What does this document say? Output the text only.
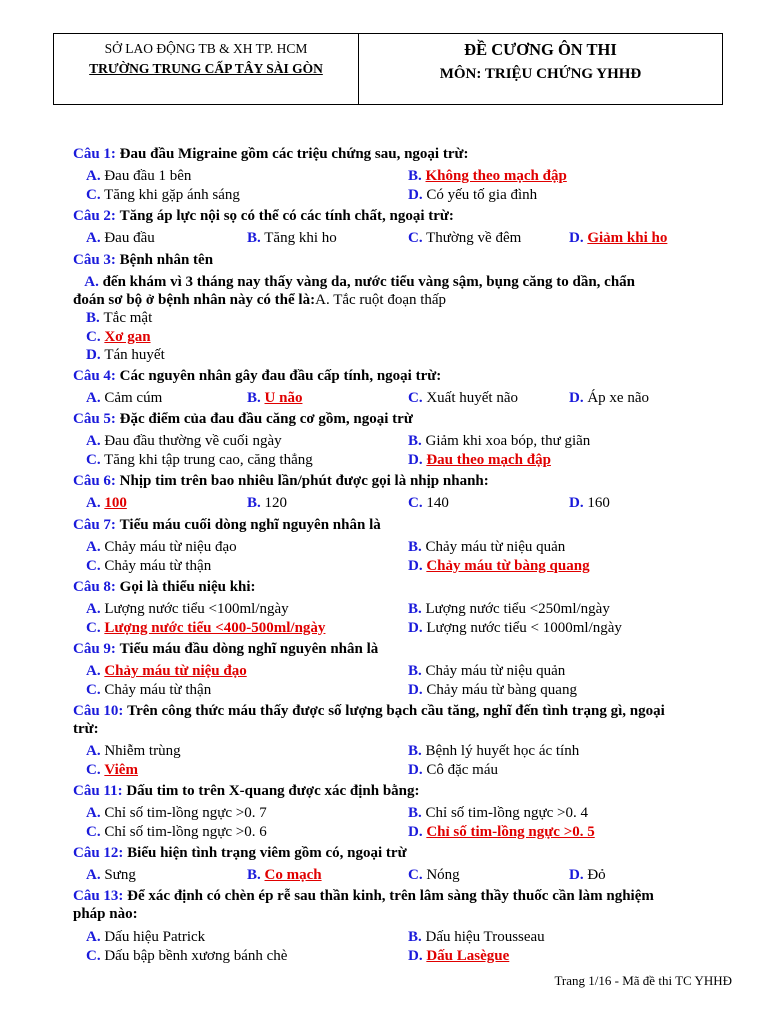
SỞ LAO ĐỘNG TB & XH TP. HCM
TRƯỜNG TRUNG CẤP TÂY SÀI GÒN
ĐỀ CƯƠNG ÔN THI
MÔN: TRIỆU CHỨNG YHHĐ
Câu 1: Đau đầu Migraine gồm các triệu chứng sau, ngoại trừ:
A. Đau đầu 1 bên	B. Không theo mạch đập
C. Tăng khi gặp ánh sáng	D. Có yếu tố gia đình
Câu 2: Tăng áp lực nội sọ có thể có các tính chất, ngoại trừ:
A. Đau đầu	B. Tăng khi ho	C. Thường về đêm	D. Giảm khi ho
Câu 3: Bệnh nhân tên
A. đến khám vì 3 tháng nay thấy vàng da, nước tiểu vàng sậm, bụng căng to dần, chẩn
đoán sơ bộ ở bệnh nhân này có thể là:A. Tắc ruột đoạn thấp
B.
Tắc mật
C.
Xơ gan
D.
Tán huyết
Câu 4: Các nguyên nhân gây đau đầu cấp tính, ngoại trừ:
A. Cảm cúm	B. U não	C. Xuất huyết não	D. Áp xe não
Câu 5: Đặc điểm của đau đầu căng cơ gồm, ngoại trừ
A. Đau đầu thường về cuối ngày	B. Giảm khi xoa bóp, thư giãn
C. Tăng khi tập trung cao, căng thẳng	D. Đau theo mạch đập
Câu 6: Nhịp tim trên bao nhiêu lần/phút được gọi là nhịp nhanh:
A. 100	B. 120	C. 140	D. 160
Câu 7: Tiểu máu cuối dòng nghĩ nguyên nhân là
A. Chảy máu từ niệu đạo	B. Chảy máu từ niệu quản
C. Chảy máu từ thận	D. Chảy máu từ bàng quang
Câu 8: Gọi là thiểu niệu khi:
A. Lượng nước tiểu <100ml/ngày	B. Lượng nước tiểu <250ml/ngày
C. Lượng nước tiểu <400-500ml/ngày	D. Lượng nước tiểu < 1000ml/ngày
Câu 9: Tiểu máu đầu dòng nghĩ nguyên nhân là
A. Chảy máu từ niệu đạo	B. Chảy máu từ niệu quản
C. Chảy máu từ thận	D. Chảy máu từ bàng quang
Câu 10: Trên công thức máu thấy được số lượng bạch cầu tăng, nghĩ đến tình trạng gì, ngoại
trừ:
A. Nhiễm trùng	B. Bệnh lý huyết học ác tính
C. Viêm	D. Cô đặc máu
Câu 11: Dấu tim to trên X-quang được xác định bằng:
A. Chỉ số tim-lồng ngực >0. 7	B. Chỉ số tim-lồng ngực >0. 4
C. Chỉ số tim-lồng ngực >0. 6	D. Chỉ số tim-lồng ngực >0. 5
Câu 12: Biểu hiện tình trạng viêm gồm có, ngoại trừ
A. Sưng	B. Co mạch	C. Nóng	D. Đỏ
Câu 13: Để xác định có chèn ép rễ sau thần kinh, trên lâm sàng thầy thuốc cần làm nghiệm
pháp nào:
A. Dấu hiệu Patrick	B. Dấu hiệu Trousseau
C. Dấu bập bềnh xương bánh chè	D. Dấu Lasègue
Trang 1/16 - Mã đề thi TC YHHĐ
